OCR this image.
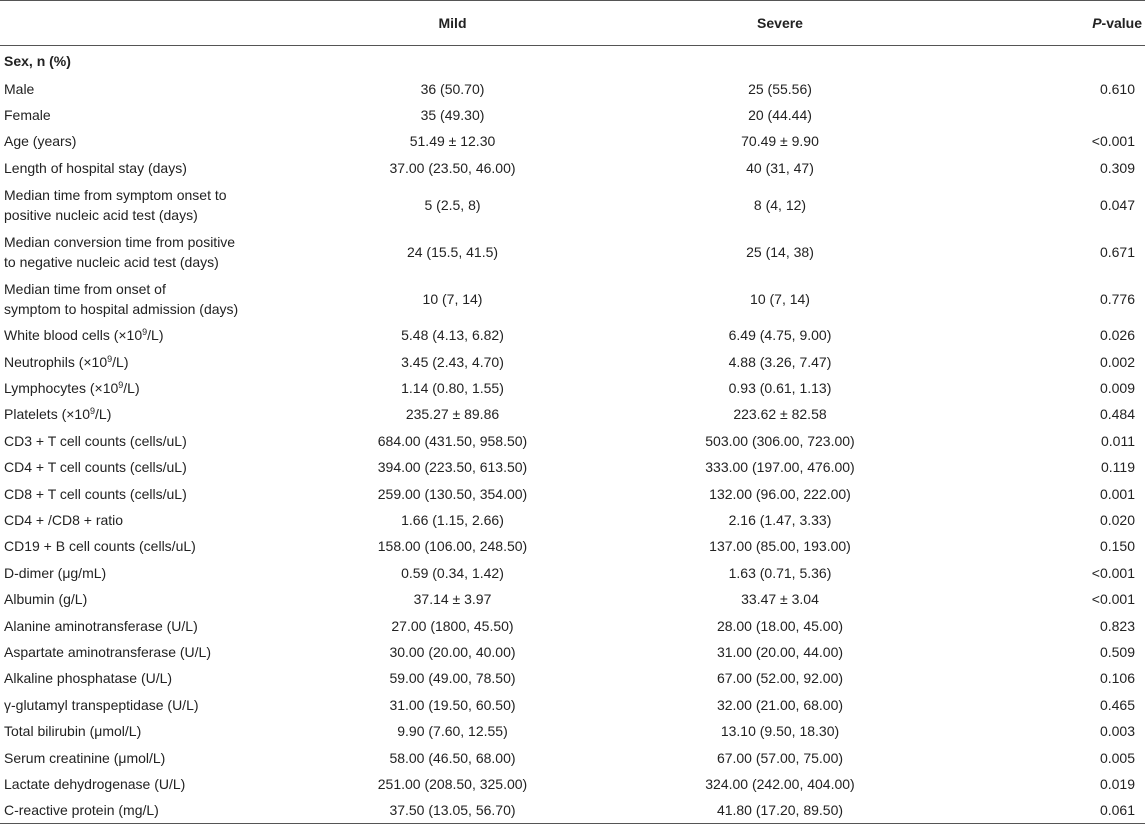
	Mild	Severe	P-value
Sex, n (%)			
Male	36 (50.70)	25 (55.56)	0.610
Female	35 (49.30)	20 (44.44)	
Age (years)	51.49 ± 12.30	70.49 ± 9.90	<0.001
Length of hospital stay (days)	37.00 (23.50, 46.00)	40 (31, 47)	0.309
Median time from symptom onset to
positive nucleic acid test (days)	5 (2.5, 8)	8 (4, 12)	0.047
Median conversion time from positive
to negative nucleic acid test (days)	24 (15.5, 41.5)	25 (14, 38)	0.671
Median time from onset of
symptom to hospital admission (days)	10 (7, 14)	10 (7, 14)	0.776
White blood cells $(\times 10^9/L)$	5.48 (4.13, 6.82)	6.49 (4.75, 9.00)	0.026
Neutrophils $(\times 10^9/L)$	3.45 (2.43, 4.70)	4.88 (3.26, 7.47)	0.002
Lymphocytes $(\times 10^9/L)$	1.14 (0.80, 1.55)	0.93 (0.61, 1.13)	0.009
Platelets $(\times 10^9/L)$	235.27 ± 89.86	223.62 ± 82.58	0.484
CD3 + T cell counts (cells/uL)	684.00 (431.50, 958.50)	503.00 (306.00, 723.00)	0.011
CD4 + T cell counts (cells/uL)	394.00 (223.50, 613.50)	333.00 (197.00, 476.00)	0.119
CD8 + T cell counts (cells/uL)	259.00 (130.50, 354.00)	132.00 (96.00, 222.00)	0.001
CD4 + /CD8 + ratio	1.66 (1.15, 2.66)	2.16 (1.47, 3.33)	0.020
CD19 + B cell counts (cells/uL)	158.00 (106.00, 248.50)	137.00 (85.00, 193.00)	0.150
D-dimer (μg/mL)	0.59 (0.34, 1.42)	1.63 (0.71, 5.36)	<0.001
Albumin (g/L)	37.14 ± 3.97	33.47 ± 3.04	<0.001
Alanine aminotransferase (U/L)	27.00 (1800, 45.50)	28.00 (18.00, 45.00)	0.823
Aspartate aminotransferase (U/L)	30.00 (20.00, 40.00)	31.00 (20.00, 44.00)	0.509
Alkaline phosphatase (U/L)	59.00 (49.00, 78.50)	67.00 (52.00, 92.00)	0.106
γ-glutamyl transpeptidase (U/L)	31.00 (19.50, 60.50)	32.00 (21.00, 68.00)	0.465
Total bilirubin (μmol/L)	9.90 (7.60, 12.55)	13.10 (9.50, 18.30)	0.003
Serum creatinine (μmol/L)	58.00 (46.50, 68.00)	67.00 (57.00, 75.00)	0.005
Lactate dehydrogenase (U/L)	251.00 (208.50, 325.00)	324.00 (242.00, 404.00)	0.019
C-reactive protein (mg/L)	37.50 (13.05, 56.70)	41.80 (17.20, 89.50)	0.061
